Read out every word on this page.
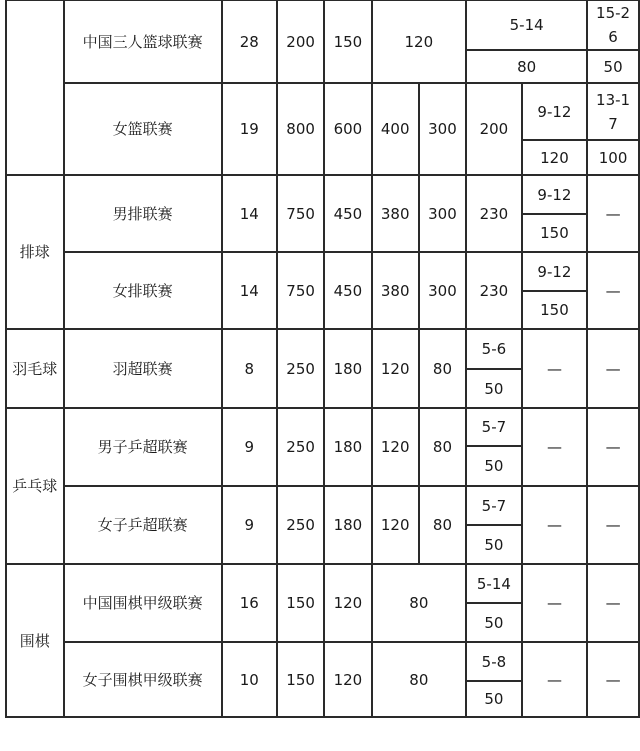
	中国三人篮球联赛	28	200	150	120		5-14		15-26
							80		50
	女篮联赛	19	800	600	400	300	200	9-12	13-17
								120	100
排球	男排联赛	14	750	450	380	300	230	9-12	—
								150	
	女排联赛	14	750	450	380	300	230	9-12	—
								150	
羽毛球	羽超联赛	8	250	180	120	80	5-6	—	—
							50		
乒乓球	男子乒超联赛	9	250	180	120	80	5-7	—	—
							50		
	女子乒超联赛	9	250	180	120	80	5-7	—	—
							50		
围棋	中国围棋甲级联赛	16	150	120	80		5-14	—	—
							50		
	女子围棋甲级联赛	10	150	120	80		5-8	—	—
							50		
